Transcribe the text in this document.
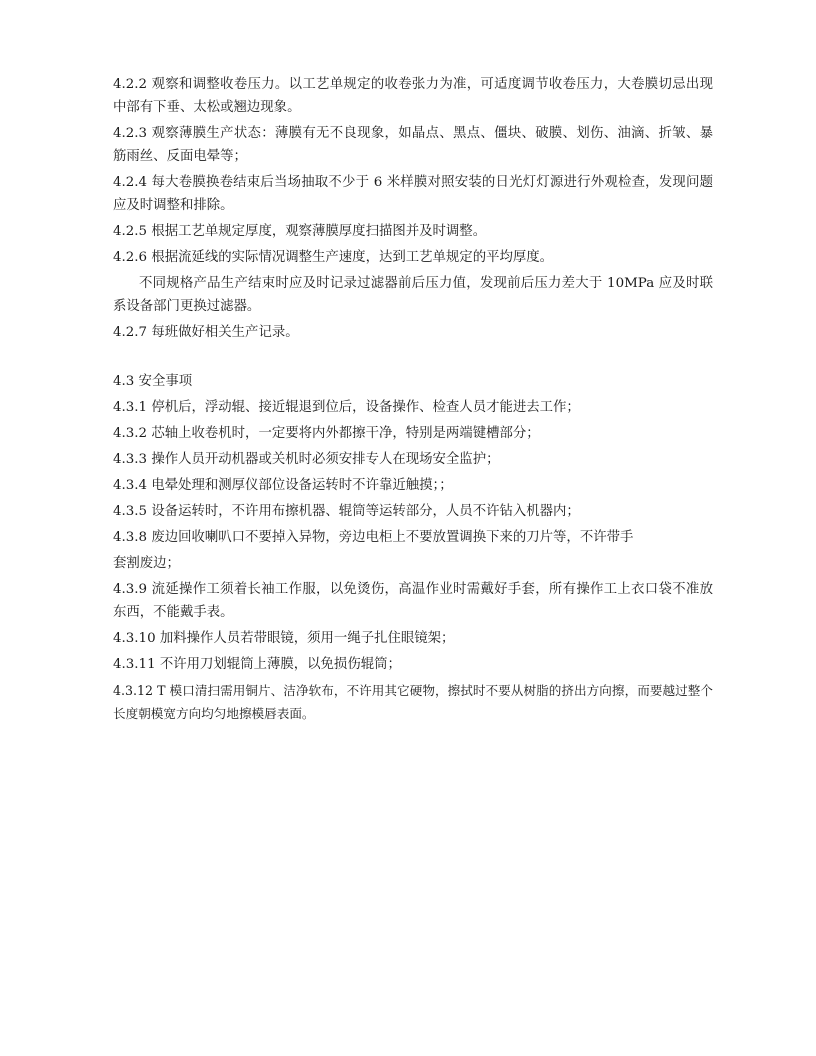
4.2.2 观察和调整收卷压力。以工艺单规定的收卷张力为准，可适度调节收卷压力，大卷膜切忌出现中部有下垂、太松或翘边现象。

4.2.3 观察薄膜生产状态：薄膜有无不良现象，如晶点、黑点、僵块、破膜、划伤、油滴、折皱、暴筋雨丝、反面电晕等；

4.2.4 每大卷膜换卷结束后当场抽取不少于 6 米样膜对照安装的日光灯灯源进行外观检查，发现问题应及时调整和排除。

4.2.5 根据工艺单规定厚度，观察薄膜厚度扫描图并及时调整。

4.2.6 根据流延线的实际情况调整生产速度，达到工艺单规定的平均厚度。

不同规格产品生产结束时应及时记录过滤器前后压力值，发现前后压力差大于 10MPa 应及时联系设备部门更换过滤器。

4.2.7 每班做好相关生产记录。

4.3 安全事项

4.3.1 停机后，浮动辊、接近辊退到位后，设备操作、检查人员才能进去工作；

4.3.2 芯轴上收卷机时，一定要将内外都擦干净，特别是两端键槽部分；

4.3.3 操作人员开动机器或关机时必须安排专人在现场安全监护；

4.3.4 电晕处理和测厚仪部位设备运转时不许靠近触摸；；

4.3.5 设备运转时，不许用布擦机器、辊筒等运转部分，人员不许钻入机器内；

4.3.8 废边回收喇叭口不要掉入异物，旁边电柜上不要放置调换下来的刀片等，不许带手

套割废边；

4.3.9 流延操作工须着长袖工作服，以免烫伤，高温作业时需戴好手套，所有操作工上衣口袋不准放东西，不能戴手表。

4.3.10 加料操作人员若带眼镜，须用一绳子扎住眼镜架；

4.3.11 不许用刀划辊筒上薄膜，以免损伤辊筒；

4.3.12 T 模口清扫需用铜片、洁净软布，不许用其它硬物，擦拭时不要从树脂的挤出方向擦，而要越过整个长度朝模宽方向均匀地擦模唇表面。
